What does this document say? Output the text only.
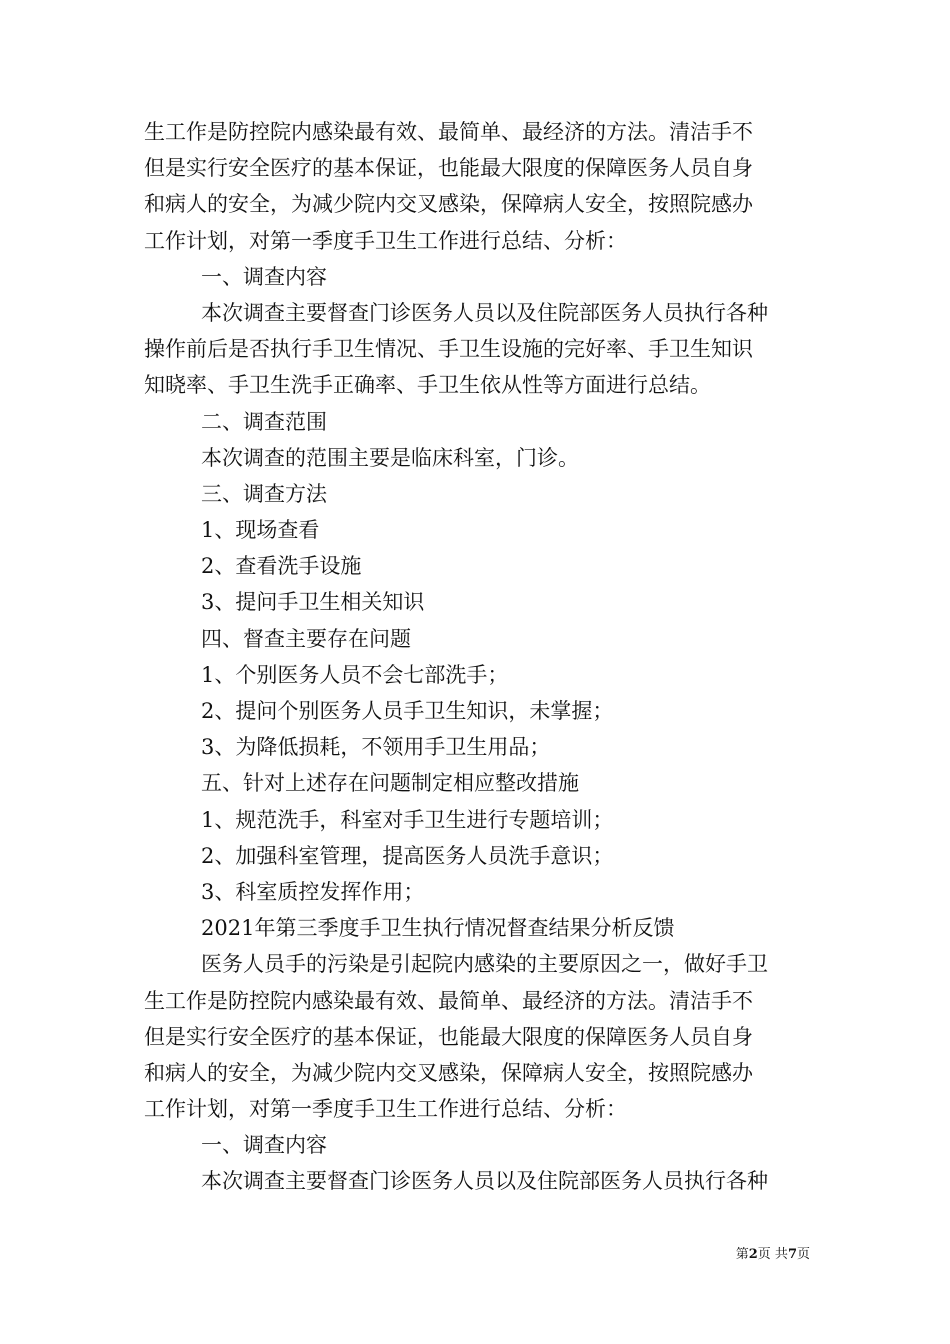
生工作是防控院内感染最有效、最简单、最经济的方法。清洁手不
但是实行安全医疗的基本保证，也能最大限度的保障医务人员自身
和病人的安全，为减少院内交叉感染，保障病人安全，按照院感办
工作计划，对第一季度手卫生工作进行总结、分析：
一、调查内容
本次调查主要督查门诊医务人员以及住院部医务人员执行各种
操作前后是否执行手卫生情况、手卫生设施的完好率、手卫生知识
知晓率、手卫生洗手正确率、手卫生依从性等方面进行总结。
二、调查范围
本次调查的范围主要是临床科室，门诊。
三、调查方法
1、现场查看
2、查看洗手设施
3、提问手卫生相关知识
四、督查主要存在问题
1、个别医务人员不会七部洗手；
2、提问个别医务人员手卫生知识，未掌握；
3、为降低损耗，不领用手卫生用品；
五、针对上述存在问题制定相应整改措施
1、规范洗手，科室对手卫生进行专题培训；
2、加强科室管理，提高医务人员洗手意识；
3、科室质控发挥作用；
2021年第三季度手卫生执行情况督查结果分析反馈
医务人员手的污染是引起院内感染的主要原因之一，做好手卫
生工作是防控院内感染最有效、最简单、最经济的方法。清洁手不
但是实行安全医疗的基本保证，也能最大限度的保障医务人员自身
和病人的安全，为减少院内交叉感染，保障病人安全，按照院感办
工作计划，对第一季度手卫生工作进行总结、分析：
一、调查内容
本次调查主要督查门诊医务人员以及住院部医务人员执行各种
第2页 共7页
